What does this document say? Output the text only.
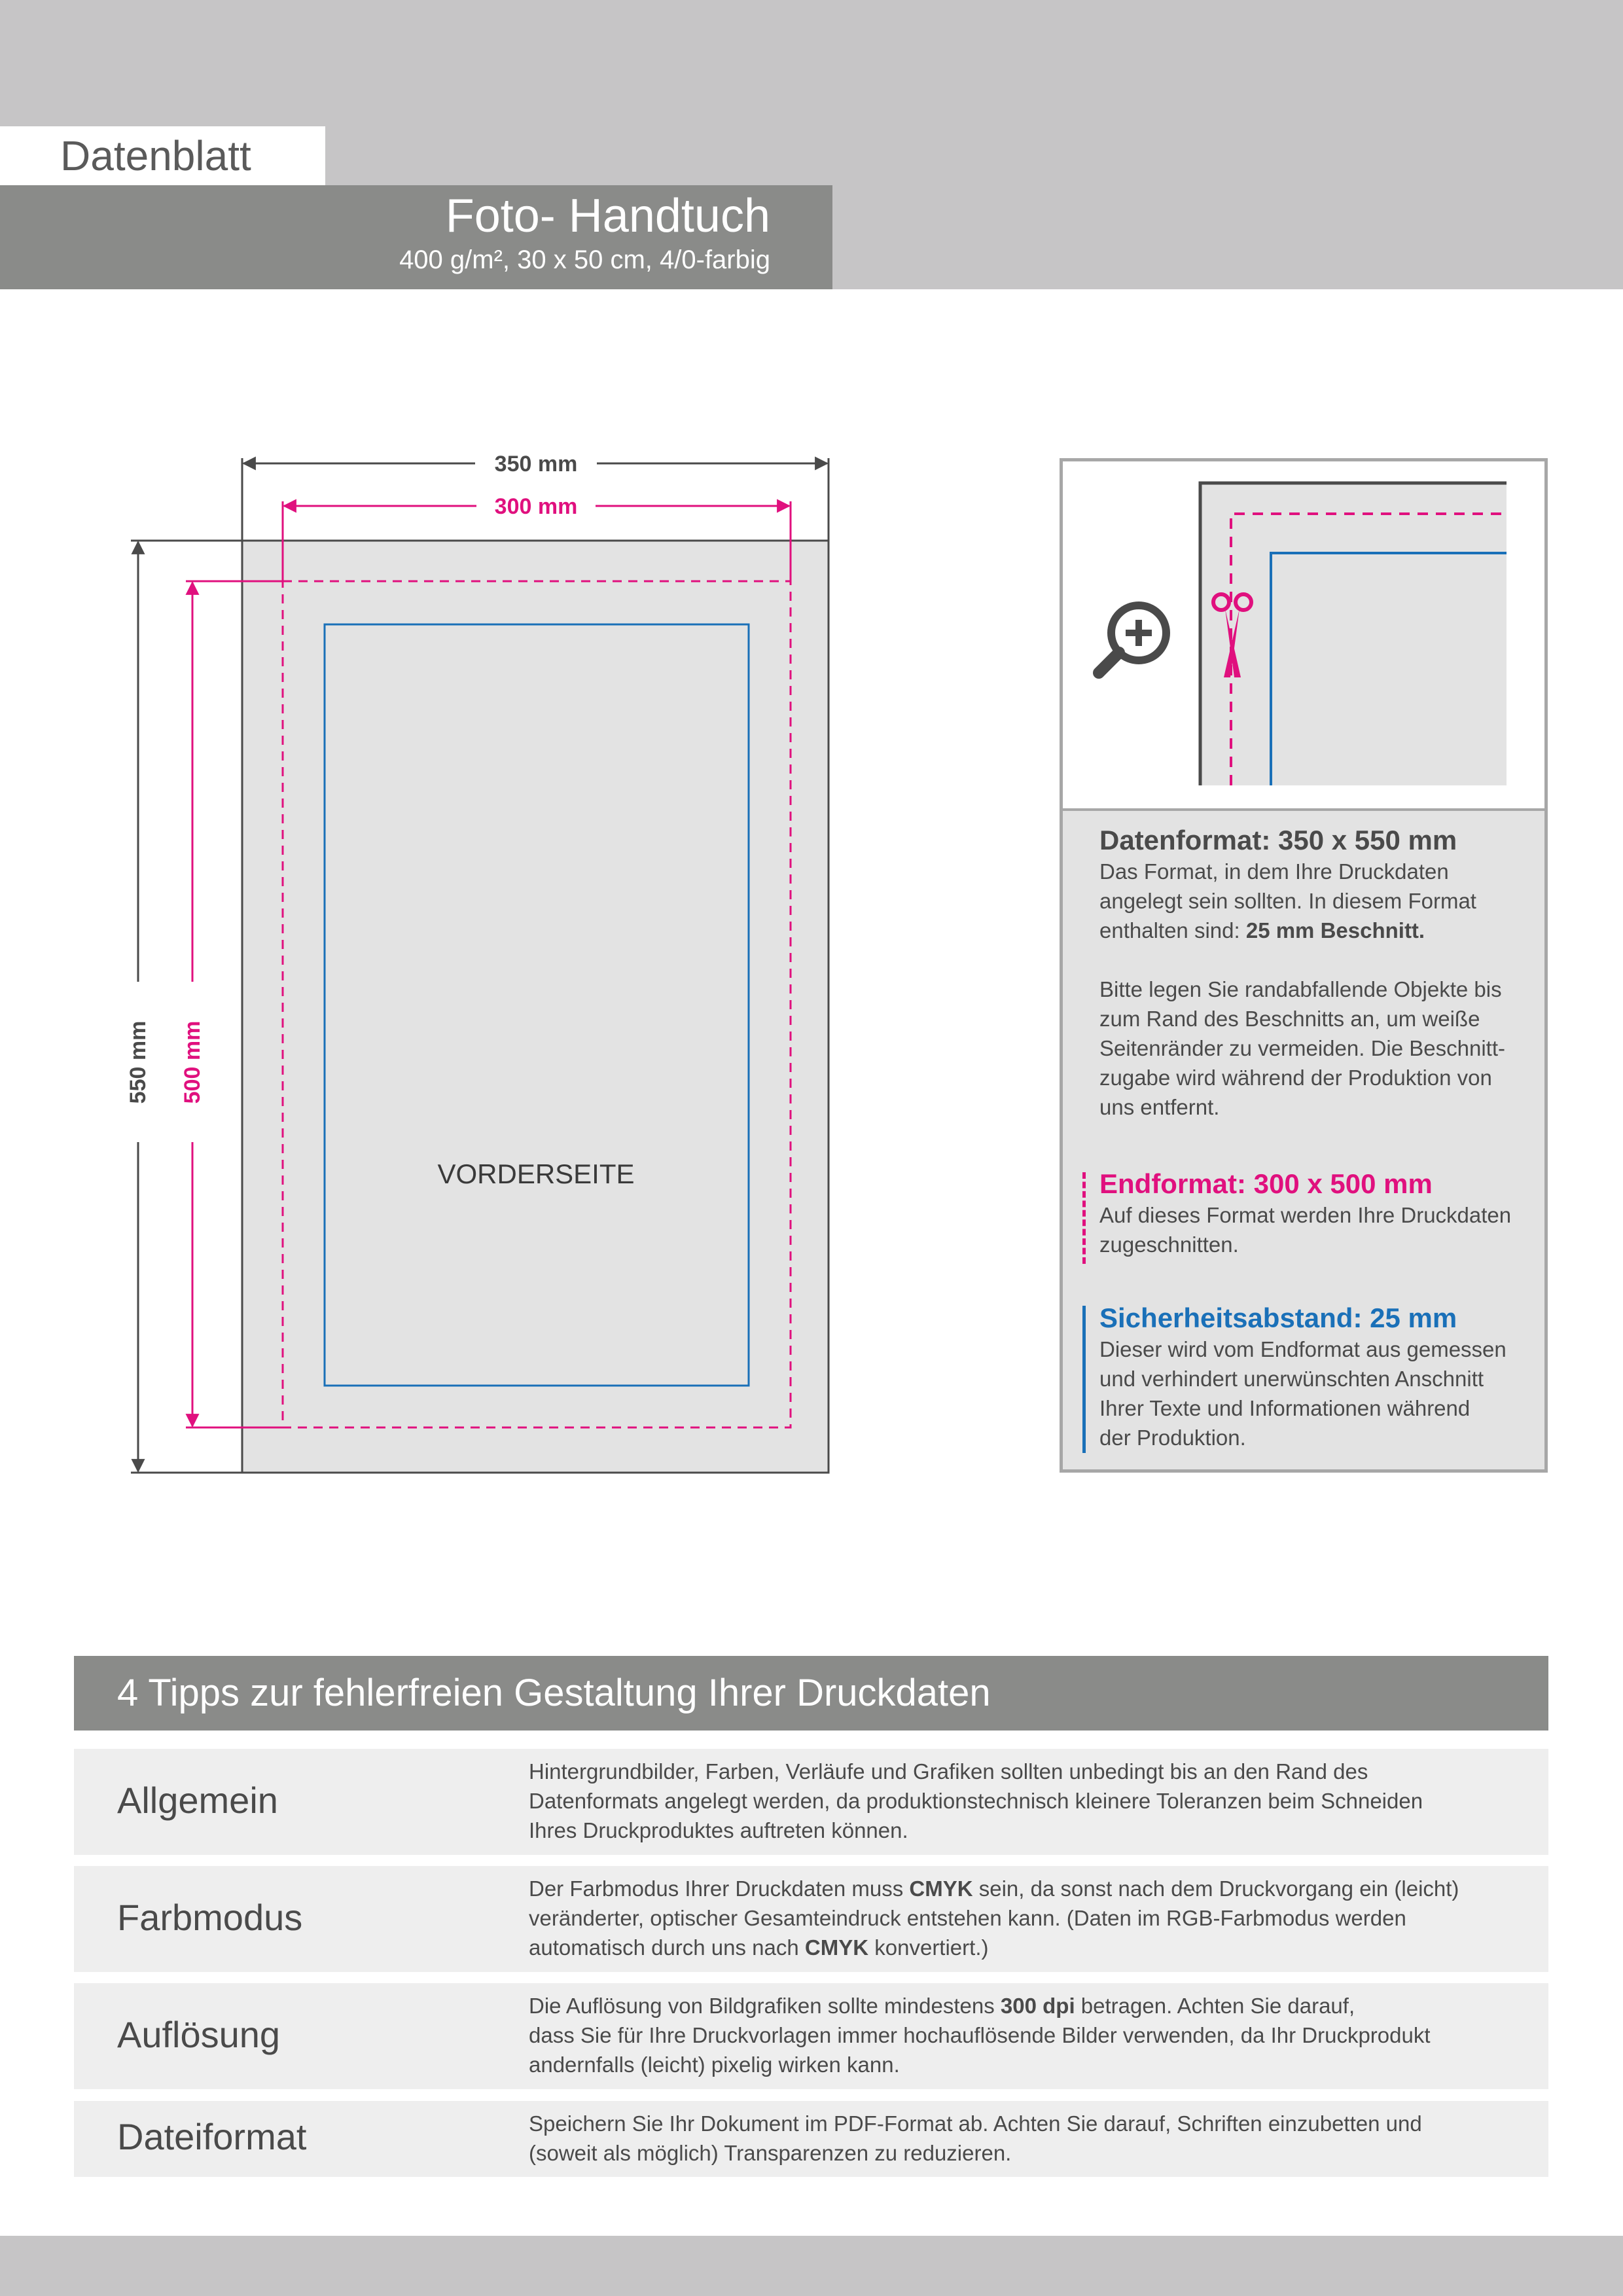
Datenblatt
Foto- Handtuch
400 g/m², 30 x 50 cm, 4/0-farbig
350 mm
300 mm
550 mm 500 mm
VORDERSEITE
Datenformat: 350 x 550 mm
Das Format, in dem Ihre Druckdaten
angelegt sein sollten. In diesem Format
enthalten sind: 25 mm Beschnitt.
Bitte legen Sie randabfallende Objekte bis
zum Rand des Beschnitts an, um weiße
Seitenränder zu vermeiden. Die Beschnitt-
zugabe wird während der Produktion von
uns entfernt.
Endformat: 300 x 500 mm
Auf dieses Format werden Ihre Druckdaten
zugeschnitten.
Sicherheitsabstand: 25 mm
Dieser wird vom Endformat aus gemessen
und verhindert unerwünschten Anschnitt
Ihrer Texte und Informationen während
der Produktion.
4 Tipps zur fehlerfreien Gestaltung Ihrer Druckdaten
Allgemein
Hintergrundbilder, Farben, Verläufe und Grafiken sollten unbedingt bis an den Rand des
Datenformats angelegt werden, da produktionstechnisch kleinere Toleranzen beim Schneiden
Ihres Druckproduktes auftreten können.
Farbmodus
Der Farbmodus Ihrer Druckdaten muss CMYK sein, da sonst nach dem Druckvorgang ein (leicht)
veränderter, optischer Gesamteindruck entstehen kann. (Daten im RGB-Farbmodus werden
automatisch durch uns nach CMYK konvertiert.)
Auflösung
Die Auflösung von Bildgrafiken sollte mindestens 300 dpi betragen. Achten Sie darauf,
dass Sie für Ihre Druckvorlagen immer hochauflösende Bilder verwenden, da Ihr Druckprodukt
andernfalls (leicht) pixelig wirken kann.
Dateiformat	Speichern Sie Ihr Dokument im PDF-Format ab. Achten Sie darauf, Schriften einzubetten und
(soweit als möglich) Transparenzen zu reduzieren.
